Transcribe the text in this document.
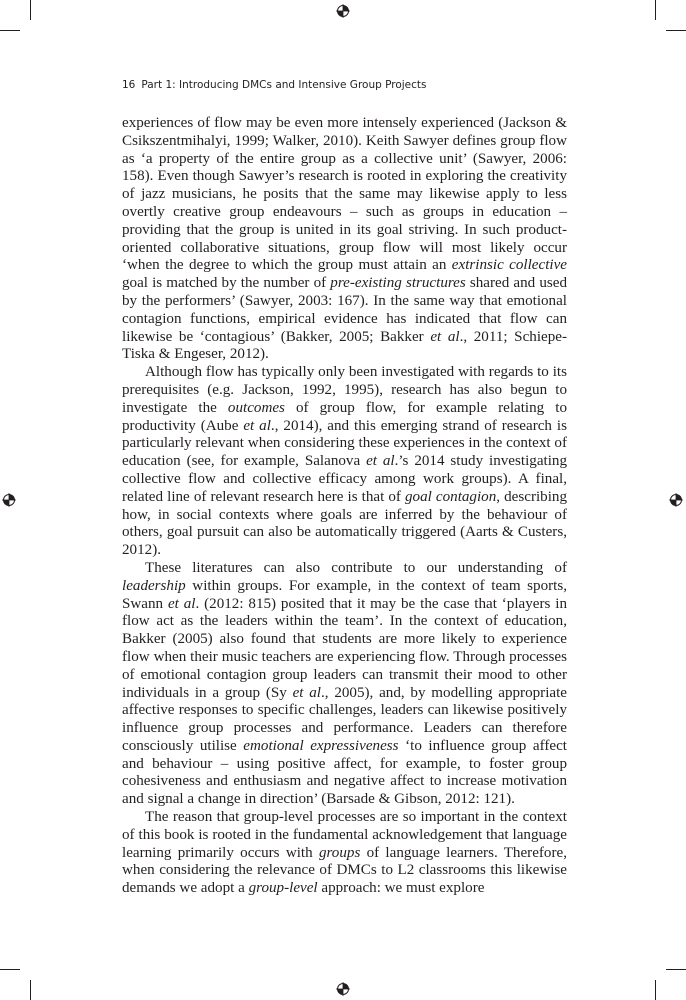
16 Part 1: Introducing DMCs and Intensive Group Projects

experiences of flow may be even more intensely experienced (Jackson & Csikszentmihalyi, 1999; Walker, 2010). Keith Sawyer defines group flow as ‘a property of the entire group as a collective unit’ (Sawyer, 2006: 158). Even though Sawyer’s research is rooted in exploring the creativity of jazz musicians, he posits that the same may likewise apply to less overtly creative group endeavours – such as groups in education – providing that the group is united in its goal striving. In such product-oriented collaborative situations, group flow will most likely occur ‘when the degree to which the group must attain an extrinsic collective goal is matched by the number of pre-existing structures shared and used by the performers’ (Sawyer, 2003: 167). In the same way that emotional contagion functions, empirical evidence has indicated that flow can likewise be ‘contagious’ (Bakker, 2005; Bakker et al., 2011; Schiepe-Tiska & Engeser, 2012).

Although flow has typically only been investigated with regards to its prerequisites (e.g. Jackson, 1992, 1995), research has also begun to investigate the outcomes of group flow, for example relating to productivity (Aube et al., 2014), and this emerging strand of research is particularly relevant when considering these experiences in the context of education (see, for example, Salanova et al.’s 2014 study investigating collective flow and collective efficacy among work groups). A final, related line of relevant research here is that of goal contagion, describing how, in social contexts where goals are inferred by the behaviour of others, goal pursuit can also be automatically triggered (Aarts & Custers, 2012).

These literatures can also contribute to our understanding of leadership within groups. For example, in the context of team sports, Swann et al. (2012: 815) posited that it may be the case that ‘players in flow act as the leaders within the team’. In the context of education, Bakker (2005) also found that students are more likely to experience flow when their music teachers are experiencing flow. Through processes of emotional contagion group leaders can transmit their mood to other individuals in a group (Sy et al., 2005), and, by modelling appropriate affective responses to specific challenges, leaders can likewise positively influence group processes and performance. Leaders can therefore consciously utilise emotional expressiveness ‘to influence group affect and behaviour – using positive affect, for example, to foster group cohesiveness and enthusiasm and negative affect to increase motivation and signal a change in direction’ (Barsade & Gibson, 2012: 121).

The reason that group-level processes are so important in the context of this book is rooted in the fundamental acknowledgement that language learning primarily occurs with groups of language learners. Therefore, when considering the relevance of DMCs to L2 classrooms this likewise demands we adopt a group-level approach: we must explore
